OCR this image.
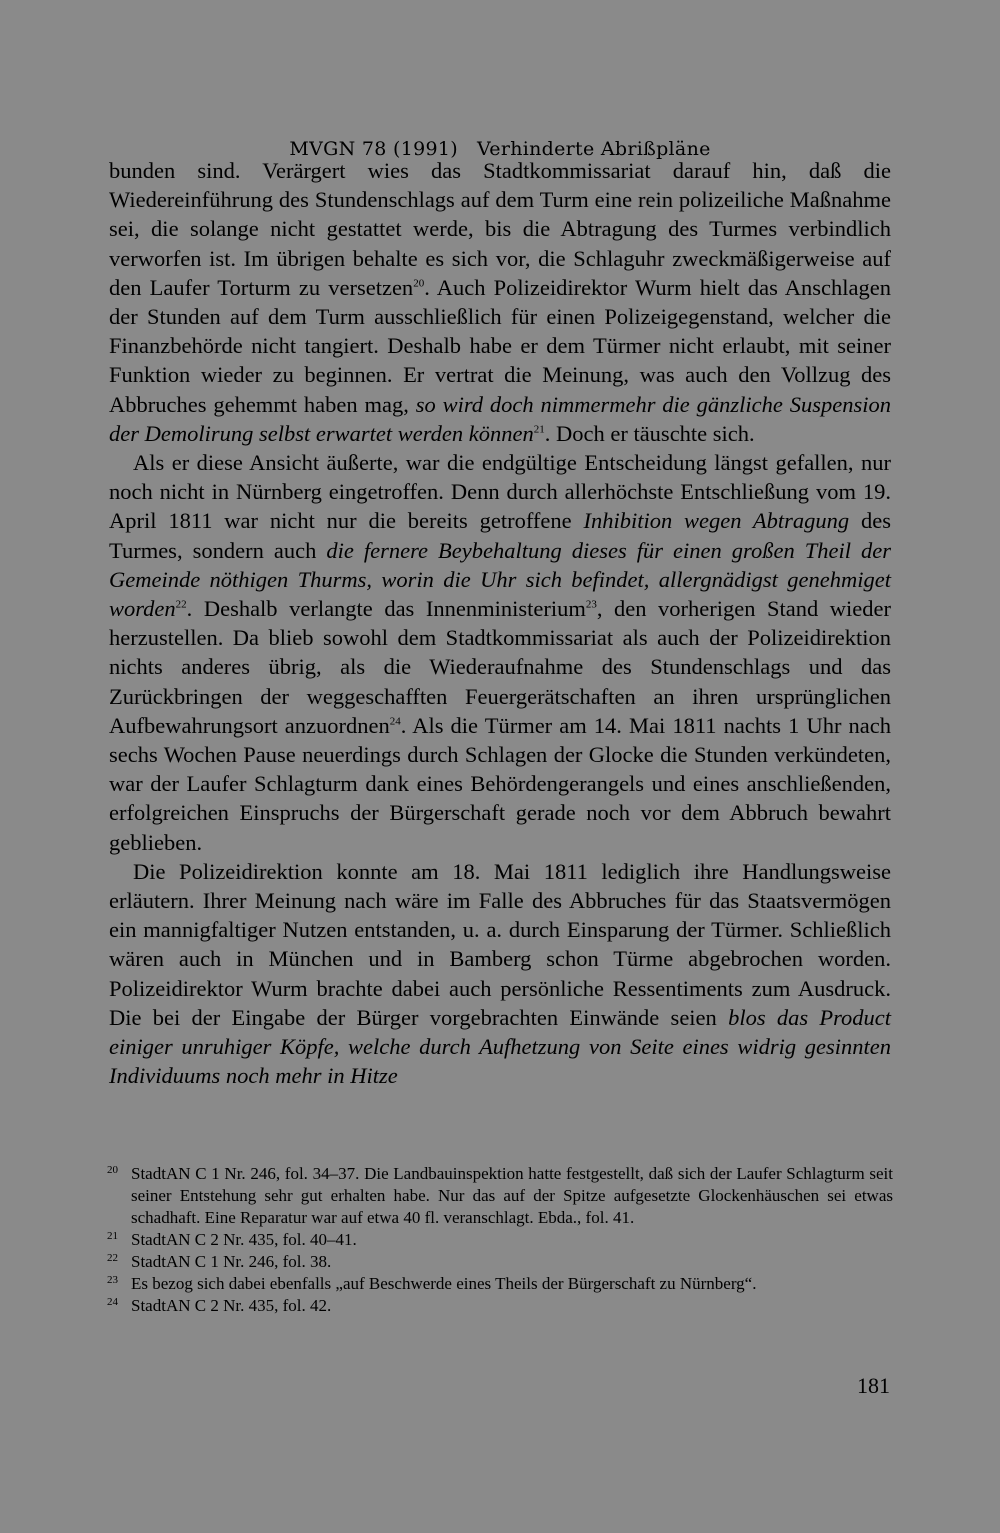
MVGN 78 (1991) Verhinderte Abrißpläne

bunden sind. Verärgert wies das Stadtkommissariat darauf hin, daß die Wiedereinführung des Stundenschlags auf dem Turm eine rein polizeiliche Maßnahme sei, die solange nicht gestattet werde, bis die Abtragung des Turmes verbindlich verworfen ist. Im übrigen behalte es sich vor, die Schlaguhr zweckmäßigerweise auf den Laufer Torturm zu versetzen$^{20}$. Auch Polizeidirektor Wurm hielt das Anschlagen der Stunden auf dem Turm ausschließlich für einen Polizeigegenstand, welcher die Finanzbehörde nicht tangiert. Deshalb habe er dem Türmer nicht erlaubt, mit seiner Funktion wieder zu beginnen. Er vertrat die Meinung, was auch den Vollzug des Abbruches gehemmt haben mag, so wird doch nimmermehr die gänzliche Suspension der Demolirung selbst erwartet werden können$^{21}$. Doch er täuschte sich.

Als er diese Ansicht äußerte, war die endgültige Entscheidung längst gefallen, nur noch nicht in Nürnberg eingetroffen. Denn durch allerhöchste Entschließung vom 19. April 1811 war nicht nur die bereits getroffene Inhibition wegen Abtragung des Turmes, sondern auch die fernere Beybehaltung dieses für einen großen Theil der Gemeinde nöthigen Thurms, worin die Uhr sich befindet, allergnädigst genehmiget worden$^{22}$. Deshalb verlangte das Innenministerium$^{23}$, den vorherigen Stand wieder herzustellen. Da blieb sowohl dem Stadtkommissariat als auch der Polizeidirektion nichts anderes übrig, als die Wiederaufnahme des Stundenschlags und das Zurückbringen der weggeschafften Feuergerätschaften an ihren ursprünglichen Aufbewahrungsort anzuordnen$^{24}$. Als die Türmer am 14. Mai 1811 nachts 1 Uhr nach sechs Wochen Pause neuerdings durch Schlagen der Glocke die Stunden verkündeten, war der Laufer Schlagturm dank eines Behördengerangels und eines anschließenden, erfolgreichen Einspruchs der Bürgerschaft gerade noch vor dem Abbruch bewahrt geblieben.

Die Polizeidirektion konnte am 18. Mai 1811 lediglich ihre Handlungsweise erläutern. Ihrer Meinung nach wäre im Falle des Abbruches für das Staatsvermögen ein mannigfaltiger Nutzen entstanden, u. a. durch Einsparung der Türmer. Schließlich wären auch in München und in Bamberg schon Türme abgebrochen worden. Polizeidirektor Wurm brachte dabei auch persönliche Ressentiments zum Ausdruck. Die bei der Eingabe der Bürger vorgebrachten Einwände seien blos das Product einiger unruhiger Köpfe, welche durch Aufhetzung von Seite eines widrig gesinnten Individuums noch mehr in Hitze

20 StadtAN C 1 Nr. 246, fol. 34–37. Die Landbauinspektion hatte festgestellt, daß sich der Laufer Schlagturm seit seiner Entstehung sehr gut erhalten habe. Nur das auf der Spitze aufgesetzte Glockenhäuschen sei etwas schadhaft. Eine Reparatur war auf etwa 40 fl. veranschlagt. Ebda., fol. 41.
21 StadtAN C 2 Nr. 435, fol. 40–41.
22 StadtAN C 1 Nr. 246, fol. 38.
23 Es bezog sich dabei ebenfalls „auf Beschwerde eines Theils der Bürgerschaft zu Nürnberg“.
24 StadtAN C 2 Nr. 435, fol. 42.
181
